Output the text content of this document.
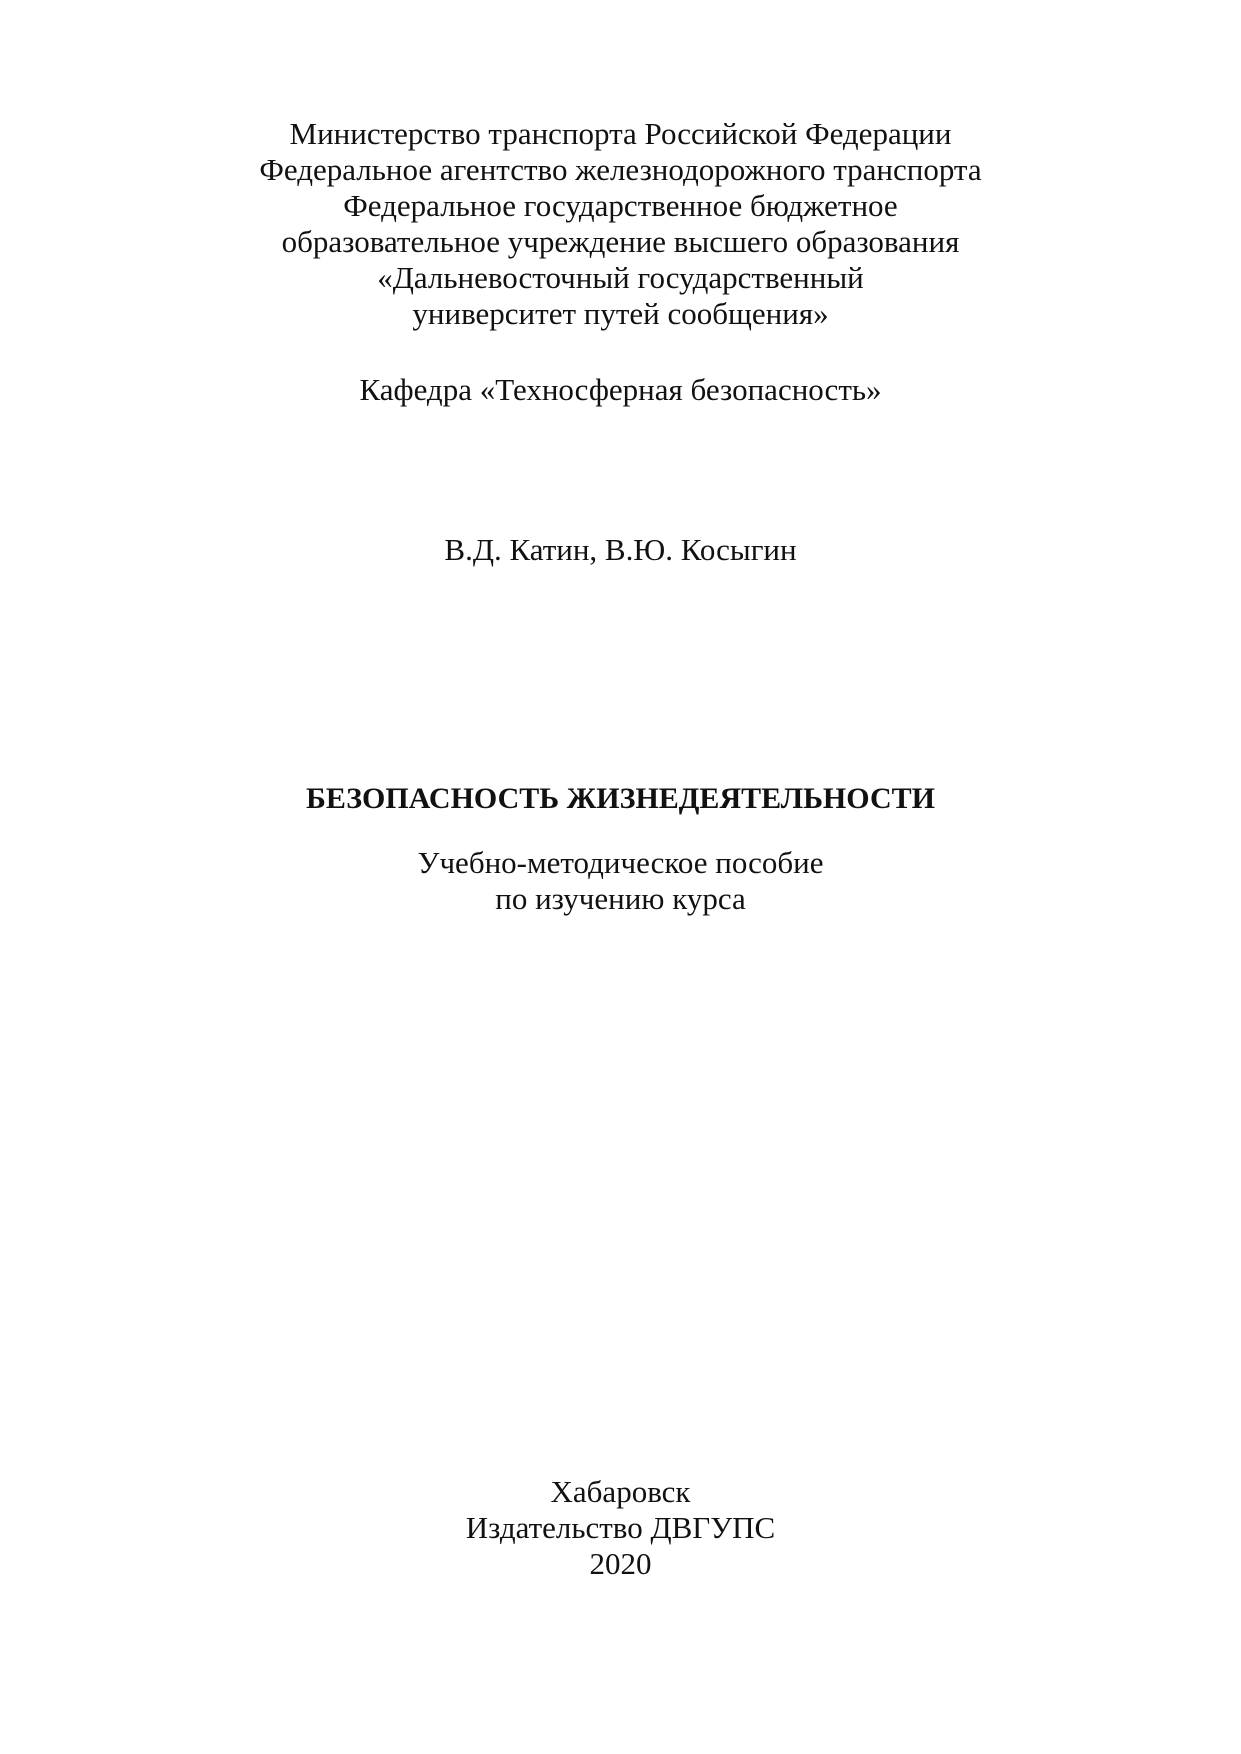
Министерство транспорта Российской Федерации
Федеральное агентство железнодорожного транспорта
Федеральное государственное бюджетное
образовательное учреждение высшего образования
«Дальневосточный государственный
университет путей сообщения»
Кафедра «Техносферная безопасность»
В.Д. Катин, В.Ю. Косыгин
БЕЗОПАСНОСТЬ ЖИЗНЕДЕЯТЕЛЬНОСТИ
Учебно-методическое пособие
по изучению курса
Хабаровск
Издательство ДВГУПС
2020
